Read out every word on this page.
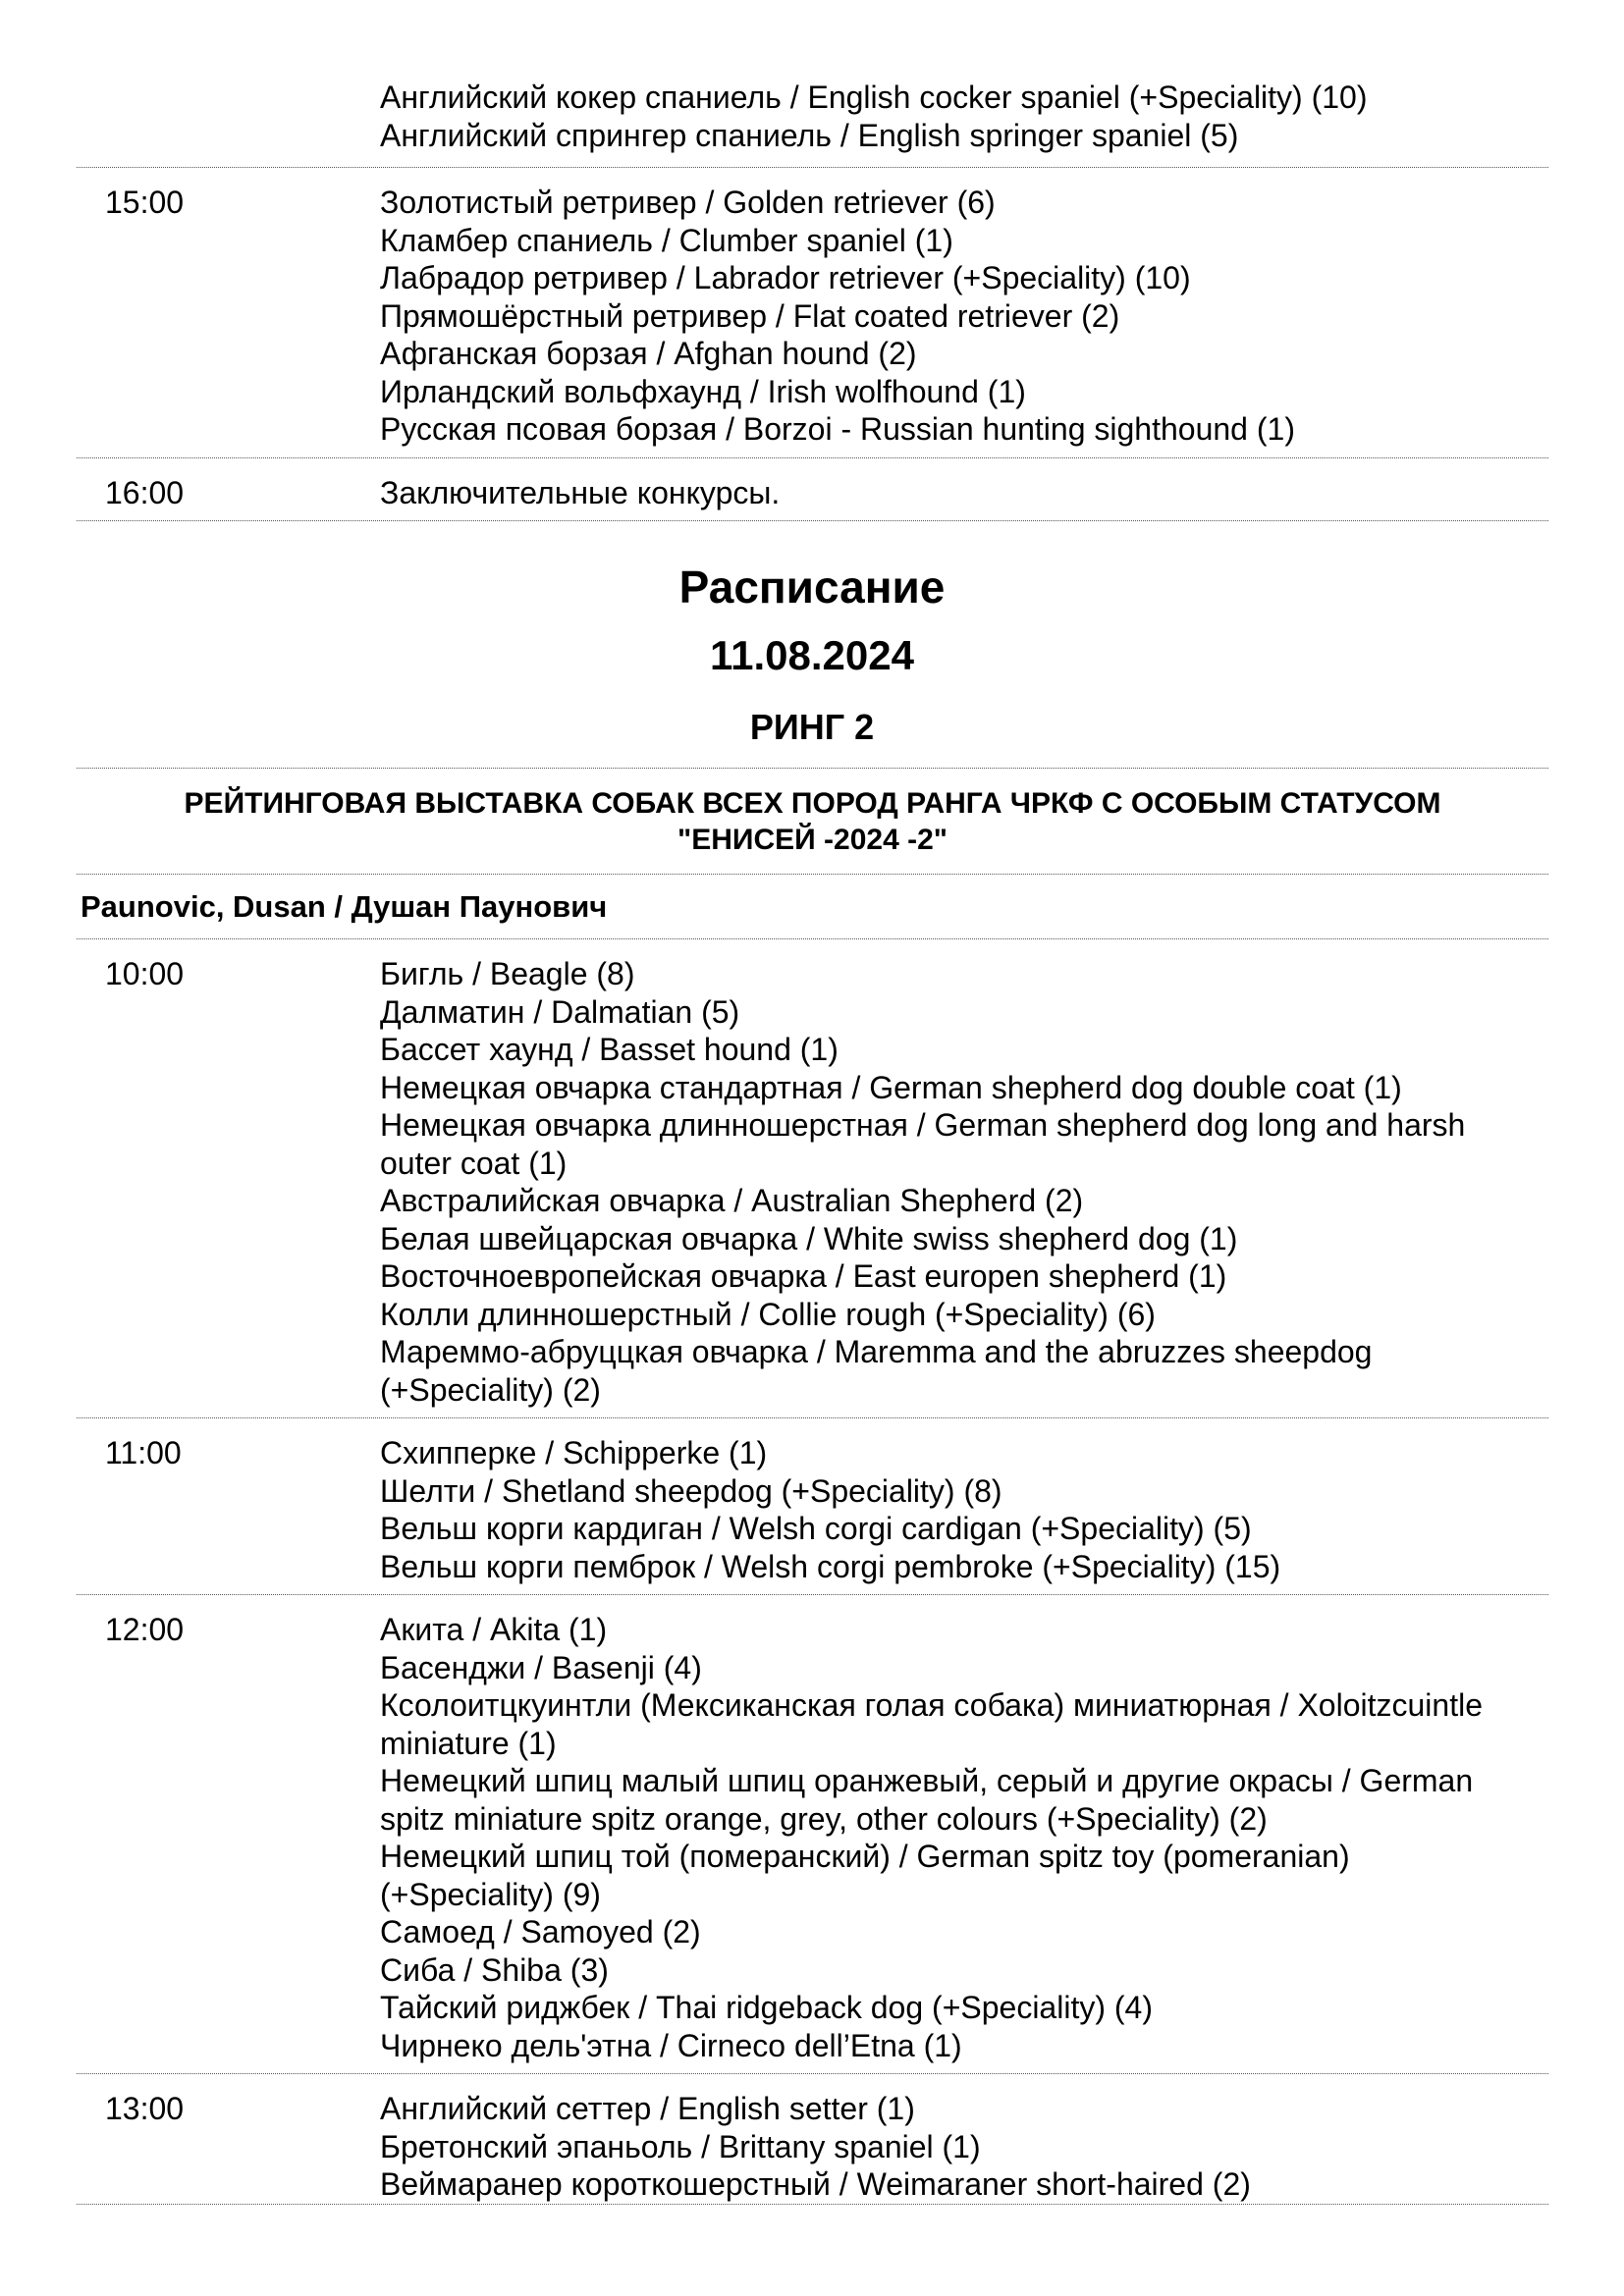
Английский кокер спаниель / English cocker spaniel (+Speciality) (10)
Английский спрингер спаниель / English springer spaniel (5)
15:00	Золотистый ретривер / Golden retriever (6)
Кламбер спаниель / Clumber spaniel (1)
Лабрадор ретривер / Labrador retriever (+Speciality) (10)
Прямошёрстный ретривер / Flat coated retriever (2)
Афганская борзая / Afghan hound (2)
Ирландский вольфхаунд / Irish wolfhound (1)
Русская псовая борзая / Borzoi - Russian hunting sighthound (1)
16:00	Заключительные конкурсы.
Расписание
11.08.2024
РИНГ 2
РЕЙТИНГОВАЯ ВЫСТАВКА СОБАК ВСЕХ ПОРОД РАНГА ЧРКФ С ОСОБЫМ СТАТУСОМ
"ЕНИСЕЙ -2024 -2"
Paunovic, Dusan / Душан Паунович
10:00	Бигль / Beagle (8)
Далматин / Dalmatian (5)
Бассет хаунд / Basset hound (1)
Немецкая овчарка стандартная / German shepherd dog double coat (1)
Немецкая овчарка длинношерстная / German shepherd dog long and harsh
outer coat (1)
Австралийская овчарка / Australian Shepherd (2)
Белая швейцарская овчарка / White swiss shepherd dog (1)
Восточноевропейская овчарка / East europen shepherd (1)
Колли длинношерстный / Collie rough (+Speciality) (6)
Мареммо-абруццкая овчарка / Maremma and the abruzzes sheepdog
(+Speciality) (2)
11:00	Схипперке / Schipperke (1)
Шелти / Shetland sheepdog (+Speciality) (8)
Вельш корги кардиган / Welsh corgi cardigan (+Speciality) (5)
Вельш корги пемброк / Welsh corgi pembroke (+Speciality) (15)
12:00	Акита / Akita (1)
Басенджи / Basenji (4)
Ксолоитцкуинтли (Мексиканская голая собака) миниатюрная / Xoloitzcuintle
miniature (1)
Немецкий шпиц малый шпиц оранжевый, серый и другие окрасы / German
spitz miniature spitz orange, grey, other colours (+Speciality) (2)
Немецкий шпиц той (померанский) / German spitz toy (pomeranian)
(+Speciality) (9)
Самоед / Samoyed (2)
Сиба / Shiba (3)
Тайский риджбек / Thai ridgeback dog (+Speciality) (4)
Чирнеко дель'этна / Cirneco dell’Etna (1)
13:00	Английский сеттер / English setter (1)
Бретонский эпаньоль / Brittany spaniel (1)
Веймаранер короткошерстный / Weimaraner short-haired (2)
